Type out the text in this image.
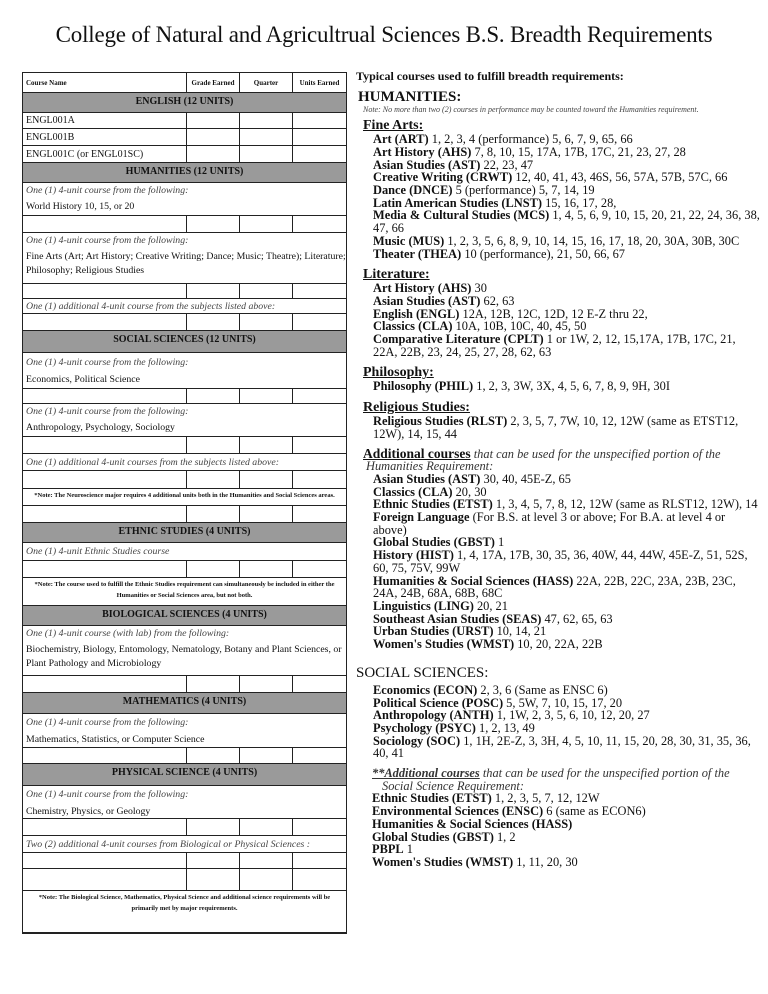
College of Natural and Agricultrual Sciences B.S. Breadth Requirements
Course Name	Grade Earned	Quarter	Units Earned
ENGLISH (12 UNITS)
ENGL001A
ENGL001B
ENGL001C (or ENGL01SC)
HUMANITIES (12 UNITS)
One (1) 4-unit course from the following:
World History 10, 15, or 20
One (1) 4-unit course from the following:
Fine Arts (Art; Art History; Creative Writing; Dance; Music; Theatre); Literature; Philosophy; Religious Studies
One (1) additional 4-unit course from the subjects listed above:
SOCIAL SCIENCES (12 UNITS)
One (1) 4-unit course from the following:
Economics, Political Science
One (1) 4-unit course from the following:
Anthropology, Psychology, Sociology
One (1) additional 4-unit courses from the subjects listed above:
*Note: The Neuroscience major requires 4 additional units both in the Humanities and Social Sciences areas.
ETHNIC STUDIES (4 UNITS)
One (1) 4-unit Ethnic Studies course
*Note: The course used to fulfill the Ethnic Studies requirement can simultaneously be included in either the Humanities or Social Sciences area, but not both.
BIOLOGICAL SCIENCES (4 UNITS)
One (1) 4-unit course (with lab) from the following:
Biochemistry, Biology, Entomology, Nematology, Botany and Plant Sciences, or Plant Pathology and Microbiology
MATHEMATICS (4 UNITS)
One (1) 4-unit course from the following:
Mathematics, Statistics, or Computer Science
PHYSICAL SCIENCE (4 UNITS)
One (1) 4-unit course from the following:
Chemistry, Physics, or Geology
Two (2) additional 4-unit courses from Biological or Physical Sciences :
*Note: The Biological Science, Mathematics, Physical Science and additional science requirements will be primarily met by major requirements.
Typical courses used to fulfill breadth requirements:
HUMANITIES:
Note: No more than two (2) courses in performance may be counted toward the Humanities requirement.
Fine Arts:
Art (ART) 1, 2, 3, 4 (performance) 5, 6, 7, 9, 65, 66
Art History (AHS) 7, 8, 10, 15, 17A, 17B, 17C, 21, 23, 27, 28
Asian Studies (AST) 22, 23, 47
Creative Writing (CRWT) 12, 40, 41, 43, 46S, 56, 57A, 57B, 57C, 66
Dance (DNCE) 5 (performance) 5, 7, 14, 19
Latin American Studies (LNST) 15, 16, 17, 28,
Media & Cultural Studies (MCS) 1, 4, 5, 6, 9, 10, 15, 20, 21, 22, 24, 36, 38, 47, 66
Music (MUS) 1, 2, 3, 5, 6, 8, 9, 10, 14, 15, 16, 17, 18, 20, 30A, 30B, 30C
Theater (THEA) 10 (performance), 21, 50, 66, 67
Literature:
Art History (AHS) 30
Asian Studies (AST) 62, 63
English (ENGL) 12A, 12B, 12C, 12D, 12 E-Z thru 22,
Classics (CLA) 10A, 10B, 10C, 40, 45, 50
Comparative Literature (CPLT) 1 or 1W, 2, 12, 15,17A, 17B, 17C, 21, 22A, 22B, 23, 24, 25, 27, 28, 62, 63
Philosophy:
Philosophy (PHIL) 1, 2, 3, 3W, 3X, 4, 5, 6, 7, 8, 9, 9H, 30I
Religious Studies:
Religious Studies (RLST) 2, 3, 5, 7, 7W, 10, 12, 12W (same as ETST12, 12W), 14, 15, 44
Additional courses that can be used for the unspecified portion of the
Humanities Requirement:
Asian Studies (AST) 30, 40, 45E-Z, 65
Classics (CLA) 20, 30
Ethnic Studies (ETST) 1, 3, 4, 5, 7, 8, 12, 12W (same as RLST12, 12W), 14
Foreign Language (For B.S. at level 3 or above; For B.A. at level 4 or above)
Global Studies (GBST) 1
History (HIST) 1, 4, 17A, 17B, 30, 35, 36, 40W, 44, 44W, 45E-Z, 51, 52S, 60, 75, 75V, 99W
Humanities & Social Sciences (HASS) 22A, 22B, 22C, 23A, 23B, 23C, 24A, 24B, 68A, 68B, 68C
Linguistics (LING) 20, 21
Southeast Asian Studies (SEAS) 47, 62, 65, 63
Urban Studies (URST) 10, 14, 21
Women's Studies (WMST) 10, 20, 22A, 22B
SOCIAL SCIENCES:
Economics (ECON) 2, 3, 6 (Same as ENSC 6)
Political Science (POSC) 5, 5W, 7, 10, 15, 17, 20
Anthropology (ANTH) 1, 1W, 2, 3, 5, 6, 10, 12, 20, 27
Psychology (PSYC) 1, 2, 13, 49
Sociology (SOC) 1, 1H, 2E-Z, 3, 3H, 4, 5, 10, 11, 15, 20, 28, 30, 31, 35, 36, 40, 41
**Additional courses that can be used for the unspecified portion of the
Social Science Requirement:
Ethnic Studies (ETST) 1, 2, 3, 5, 7, 12, 12W
Environmental Sciences (ENSC) 6 (same as ECON6)
Humanities & Social Sciences (HASS)
Global Studies (GBST) 1, 2
PBPL 1
Women's Studies (WMST) 1, 11, 20, 30
